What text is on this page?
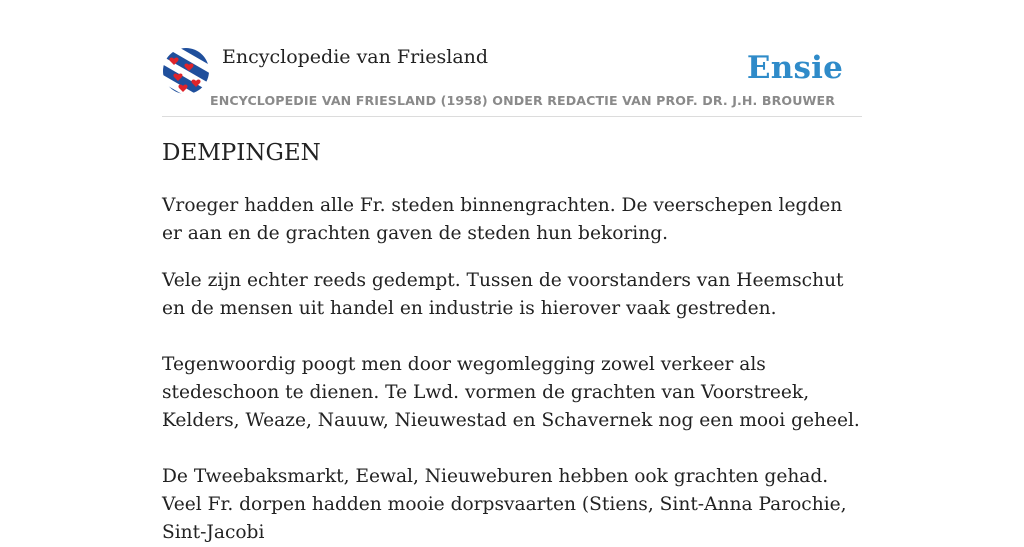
Encyclopedie van Friesland	Ensie
ENCYCLOPEDIE VAN FRIESLAND (1958) ONDER REDACTIE VAN PROF. DR. J.H. BROUWER
DEMPINGEN

Vroeger hadden alle Fr. steden binnengrachten. De veerschepen legden er aan en de grachten gaven de steden hun bekoring.

Vele zijn echter reeds gedempt. Tussen de voorstanders van Heemschut en de mensen uit handel en industrie is hierover vaak gestreden.

Tegenwoordig poogt men door wegomlegging zowel verkeer als stedeschoon te dienen. Te Lwd. vormen de grachten van Voorstreek, Kelders, Weaze, Nauuw, Nieuwestad en Schavernek nog een mooi geheel.

De Tweebaksmarkt, Eewal, Nieuweburen hebben ook grachten gehad. Veel Fr. dorpen hadden mooie dorpsvaarten (Stiens, Sint-Anna Parochie, Sint-Jacobi
